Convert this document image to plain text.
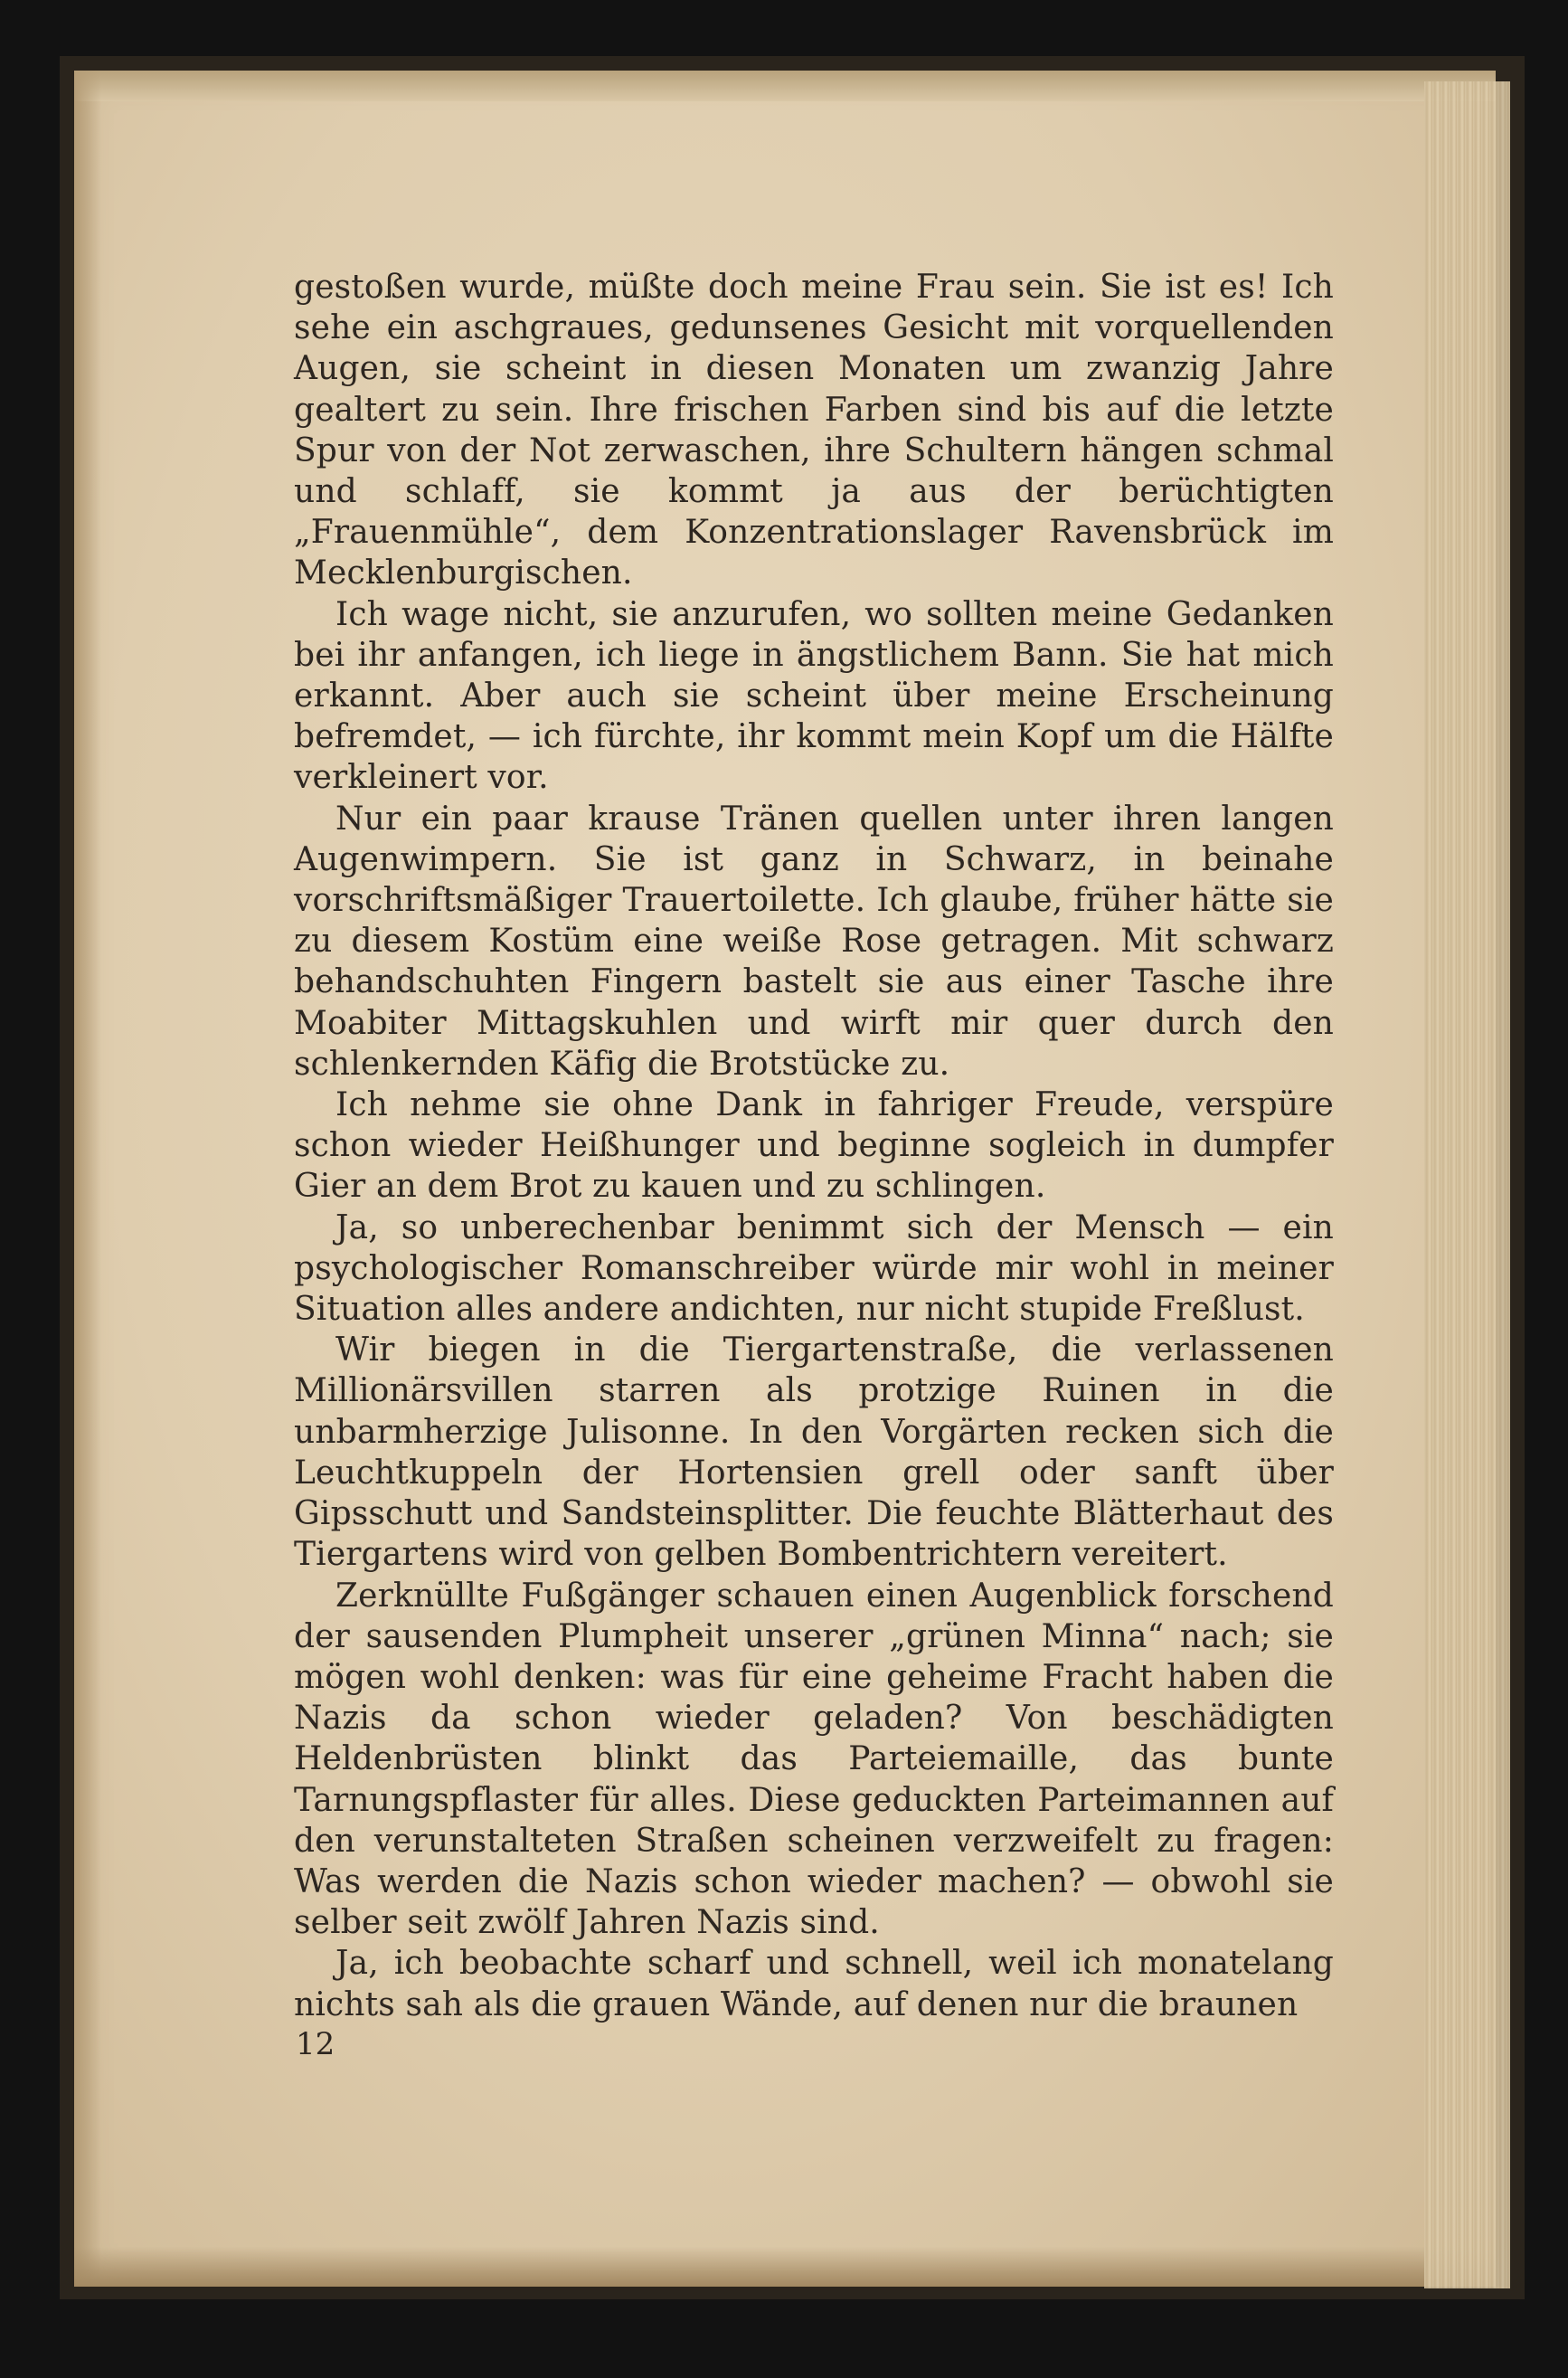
gestoßen wurde, müßte doch meine Frau sein. Sie ist es! Ich sehe ein aschgraues, gedunsenes Gesicht mit vorquellenden Augen, sie scheint in diesen Monaten um zwanzig Jahre gealtert zu sein. Ihre frischen Farben sind bis auf die letzte Spur von der Not zerwaschen, ihre Schultern hängen schmal und schlaff, sie kommt ja aus der berüchtigten „Frauenmühle“, dem Konzentrationslager Ravensbrück im Mecklenburgischen.

Ich wage nicht, sie anzurufen, wo sollten meine Gedanken bei ihr anfangen, ich liege in ängstlichem Bann. Sie hat mich erkannt. Aber auch sie scheint über meine Erscheinung befremdet, — ich fürchte, ihr kommt mein Kopf um die Hälfte verkleinert vor.

Nur ein paar krause Tränen quellen unter ihren langen Augenwimpern. Sie ist ganz in Schwarz, in beinahe vorschriftsmäßiger Trauertoilette. Ich glaube, früher hätte sie zu diesem Kostüm eine weiße Rose getragen. Mit schwarz behandschuhten Fingern bastelt sie aus einer Tasche ihre Moabiter Mittagskuhlen und wirft mir quer durch den schlenkernden Käfig die Brotstücke zu.

Ich nehme sie ohne Dank in fahriger Freude, verspüre schon wieder Heißhunger und beginne sogleich in dumpfer Gier an dem Brot zu kauen und zu schlingen.

Ja, so unberechenbar benimmt sich der Mensch — ein psychologischer Romanschreiber würde mir wohl in meiner Situation alles andere andichten, nur nicht stupide Freßlust.

Wir biegen in die Tiergartenstraße, die verlassenen Millionärsvillen starren als protzige Ruinen in die unbarmherzige Julisonne. In den Vorgärten recken sich die Leuchtkuppeln der Hortensien grell oder sanft über Gipsschutt und Sandsteinsplitter. Die feuchte Blätterhaut des Tiergartens wird von gelben Bombentrichtern vereitert.

Zerknüllte Fußgänger schauen einen Augenblick forschend der sausenden Plumpheit unserer „grünen Minna“ nach; sie mögen wohl denken: was für eine geheime Fracht haben die Nazis da schon wieder geladen? Von beschädigten Heldenbrüsten blinkt das Parteiemaille, das bunte Tarnungspflaster für alles. Diese geduckten Parteimannen auf den verunstalteten Straßen scheinen verzweifelt zu fragen: Was werden die Nazis schon wieder machen? — obwohl sie selber seit zwölf Jahren Nazis sind.

Ja, ich beobachte scharf und schnell, weil ich monatelang nichts sah als die grauen Wände, auf denen nur die braunen

12
